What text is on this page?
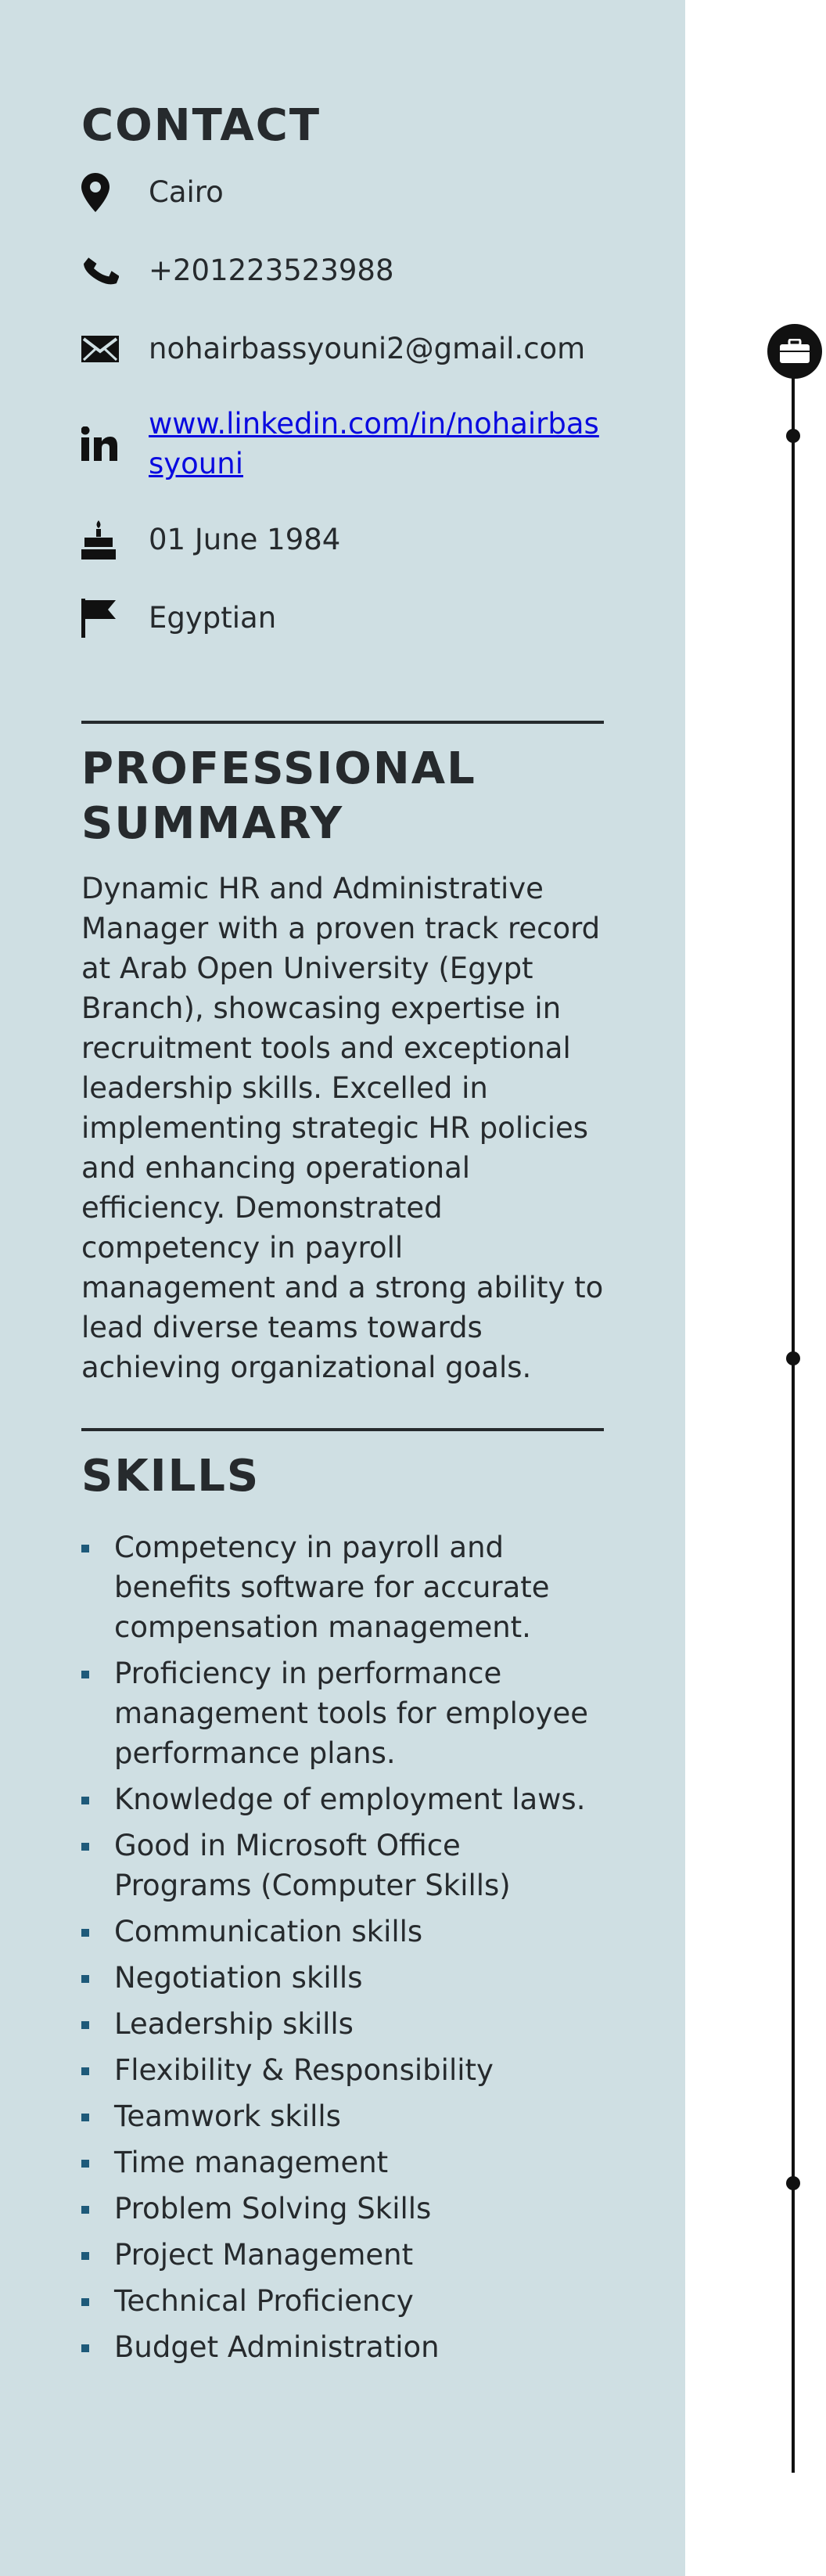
CONTACT
Cairo
+201223523988
nohairbassyouni2@gmail.com
www.linkedin.com/in/nohairbassyouni
01 June 1984
Egyptian
PROFESSIONAL SUMMARY

Dynamic HR and Administrative Manager with a proven track record at Arab Open University (Egypt Branch), showcasing expertise in recruitment tools and exceptional leadership skills. Excelled in implementing strategic HR policies and enhancing operational efficiency. Demonstrated competency in payroll management and a strong ability to lead diverse teams towards achieving organizational goals.

SKILLS
Competency in payroll and benefits software for accurate compensation management.
Proficiency in performance management tools for employee performance plans.
Knowledge of employment laws.
Good in Microsoft Office Programs (Computer Skills)
Communication skills
Negotiation skills
Leadership skills
Flexibility & Responsibility
Teamwork skills
Time management
Problem Solving Skills
Project Management
Technical Proficiency
Budget Administration
